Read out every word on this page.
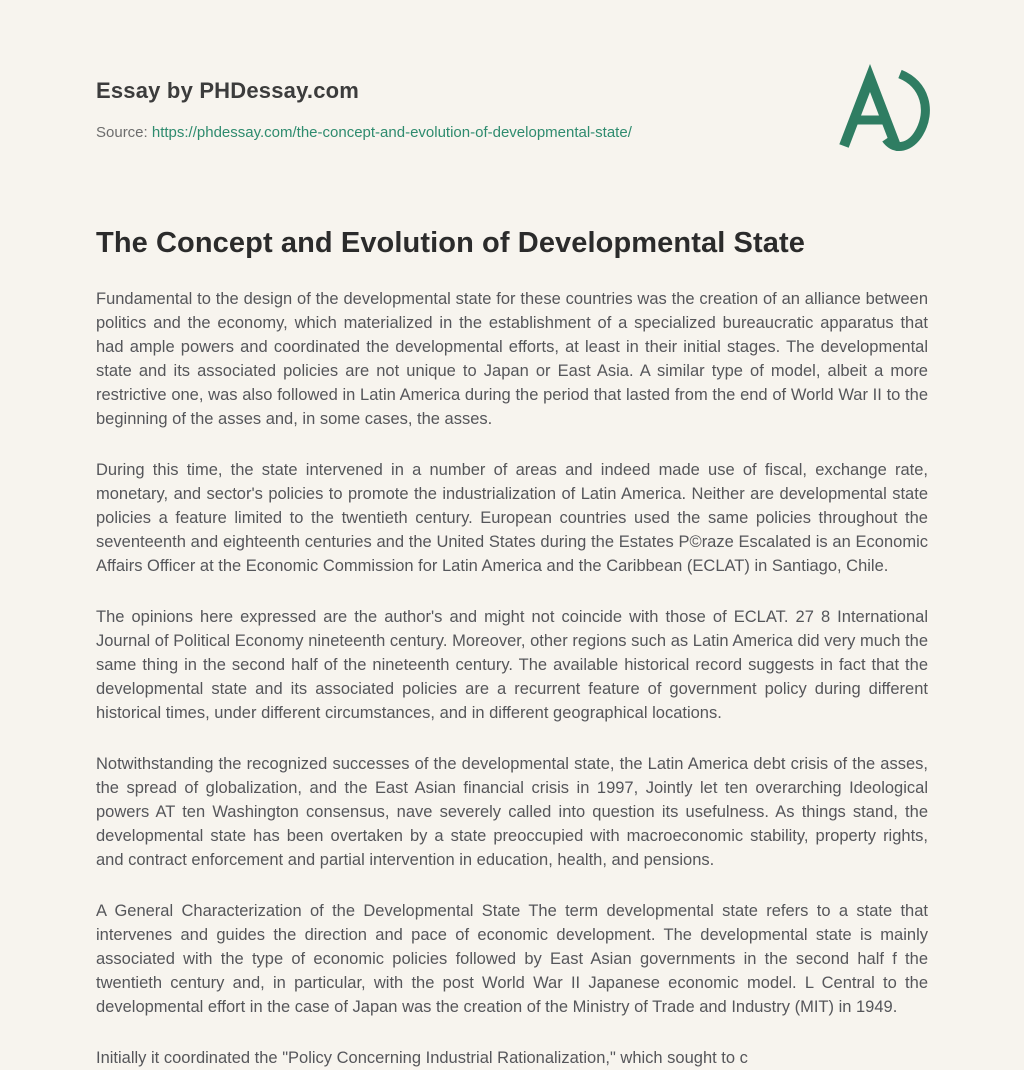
Essay by PHDessay.com
Source: https://phdessay.com/the-concept-and-evolution-of-developmental-state/
The Concept and Evolution of Developmental State

Fundamental to the design of the developmental state for these countries was the creation of an alliance between politics and the economy, which materialized in the establishment of a specialized bureaucratic apparatus that had ample powers and coordinated the developmental efforts, at least in their initial stages. The developmental state and its associated policies are not unique to Japan or East Asia. A similar type of model, albeit a more restrictive one, was also followed in Latin America during the period that lasted from the end of World War II to the beginning of the asses and, in some cases, the asses.

During this time, the state intervened in a number of areas and indeed made use of fiscal, exchange rate, monetary, and sector's policies to promote the industrialization of Latin America. Neither are developmental state policies a feature limited to the twentieth century. European countries used the same policies throughout the seventeenth and eighteenth centuries and the United States during the Estates P©raze Escalated is an Economic Affairs Officer at the Economic Commission for Latin America and the Caribbean (ECLAT) in Santiago, Chile.

The opinions here expressed are the author's and might not coincide with those of ECLAT. 27 8 International Journal of Political Economy nineteenth century. Moreover, other regions such as Latin America did very much the same thing in the second half of the nineteenth century. The available historical record suggests in fact that the developmental state and its associated policies are a recurrent feature of government policy during different historical times, under different circumstances, and in different geographical locations.

Notwithstanding the recognized successes of the developmental state, the Latin America debt crisis of the asses, the spread of globalization, and the East Asian financial crisis in 1997, Jointly let ten overarching Ideological powers AT ten Washington consensus, nave severely called into question its usefulness. As things stand, the developmental state has been overtaken by a state preoccupied with macroeconomic stability, property rights, and contract enforcement and partial intervention in education, health, and pensions.

A General Characterization of the Developmental State The term developmental state refers to a state that intervenes and guides the direction and pace of economic development. The developmental state is mainly associated with the type of economic policies followed by East Asian governments in the second half f the twentieth century and, in particular, with the post World War II Japanese economic model. L Central to the developmental effort in the case of Japan was the creation of the Ministry of Trade and Industry (MIT) in 1949.

Initially it coordinated the "Policy Concerning Industrial Rationalization," which sought to c
